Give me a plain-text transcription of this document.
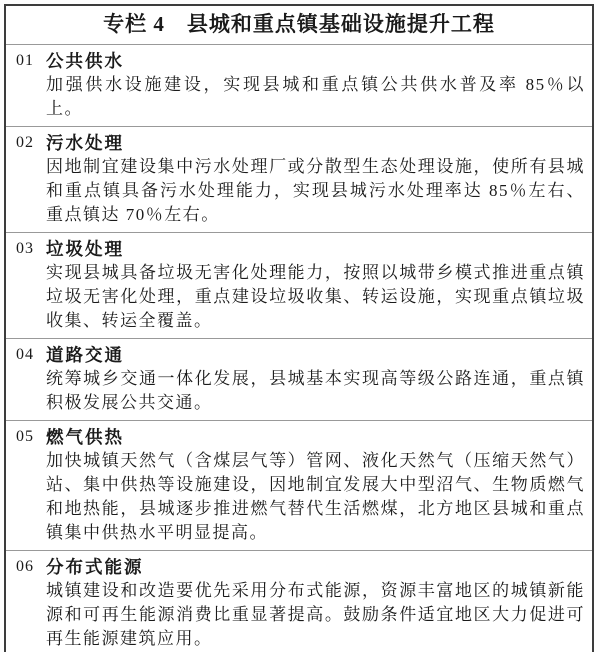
专栏 4　县城和重点镇基础设施提升工程
01 公共供水
加强供水设施建设，实现县城和重点镇公共供水普及率 85％以上。
02 污水处理
因地制宜建设集中污水处理厂或分散型生态处理设施，使所有县城和重点镇具备污水处理能力，实现县城污水处理率达 85％左右、重点镇达 70％左右。
03 垃圾处理
实现县城具备垃圾无害化处理能力，按照以城带乡模式推进重点镇垃圾无害化处理，重点建设垃圾收集、转运设施，实现重点镇垃圾收集、转运全覆盖。
04 道路交通
统筹城乡交通一体化发展，县城基本实现高等级公路连通，重点镇积极发展公共交通。
05 燃气供热
加快城镇天然气（含煤层气等）管网、液化天然气（压缩天然气）站、集中供热等设施建设，因地制宜发展大中型沼气、生物质燃气和地热能，县城逐步推进燃气替代生活燃煤，北方地区县城和重点镇集中供热水平明显提高。
06 分布式能源
城镇建设和改造要优先采用分布式能源，资源丰富地区的城镇新能源和可再生能源消费比重显著提高。鼓励条件适宜地区大力促进可再生能源建筑应用。
